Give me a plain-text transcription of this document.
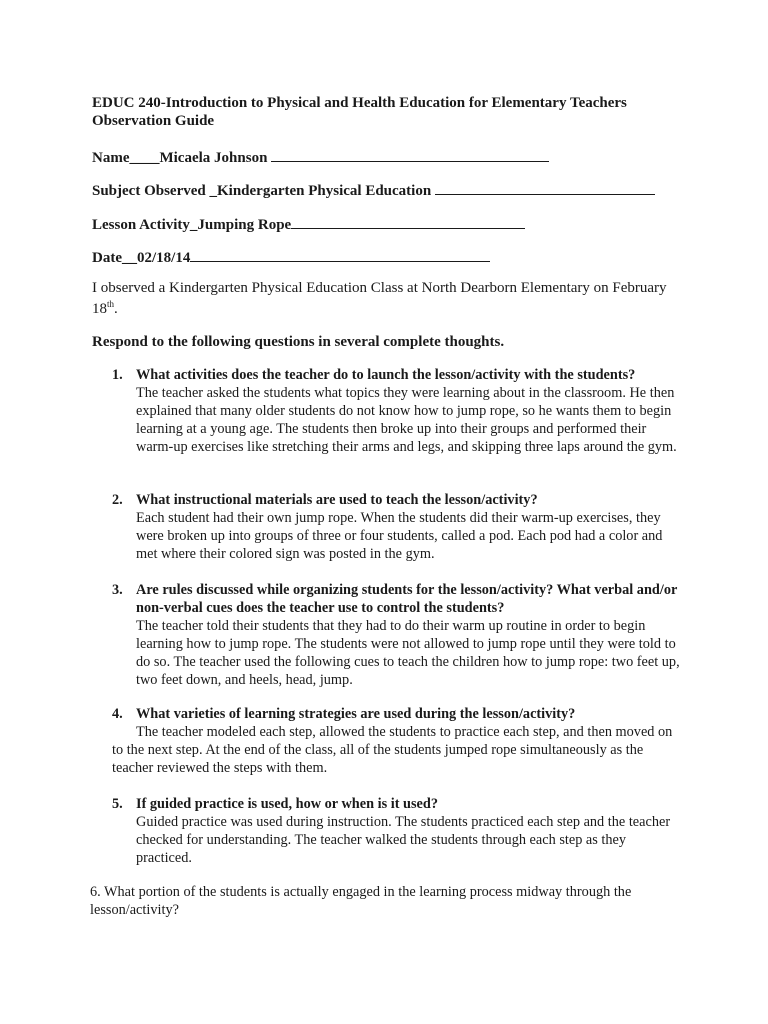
EDUC 240-Introduction to Physical and Health Education for Elementary Teachers
Observation Guide
Name____Micaela Johnson
Subject Observed _Kindergarten Physical Education
Lesson Activity_Jumping Rope
Date__02/18/14
I observed a Kindergarten Physical Education Class at North Dearborn Elementary on February 18th.
Respond to the following questions in several complete thoughts.
1. What activities does the teacher do to launch the lesson/activity with the students?
The teacher asked the students what topics they were learning about in the classroom. He then explained that many older students do not know how to jump rope, so he wants them to begin learning at a young age. The students then broke up into their groups and performed their warm-up exercises like stretching their arms and legs, and skipping three laps around the gym.
2. What instructional materials are used to teach the lesson/activity?
Each student had their own jump rope. When the students did their warm-up exercises, they were broken up into groups of three or four students, called a pod. Each pod had a color and met where their colored sign was posted in the gym.
3. Are rules discussed while organizing students for the lesson/activity? What verbal and/or non-verbal cues does the teacher use to control the students?
The teacher told their students that they had to do their warm up routine in order to begin learning how to jump rope. The students were not allowed to jump rope until they were told to do so. The teacher used the following cues to teach the children how to jump rope: two feet up, two feet down, and heels, head, jump.
4. What varieties of learning strategies are used during the lesson/activity?
The teacher modeled each step, allowed the students to practice each step, and then moved on to the next step. At the end of the class, all of the students jumped rope simultaneously as the teacher reviewed the steps with them.
5. If guided practice is used, how or when is it used?
Guided practice was used during instruction. The students practiced each step and the teacher checked for understanding. The teacher walked the students through each step as they practiced.
6. What portion of the students is actually engaged in the learning process midway through the lesson/activity?
